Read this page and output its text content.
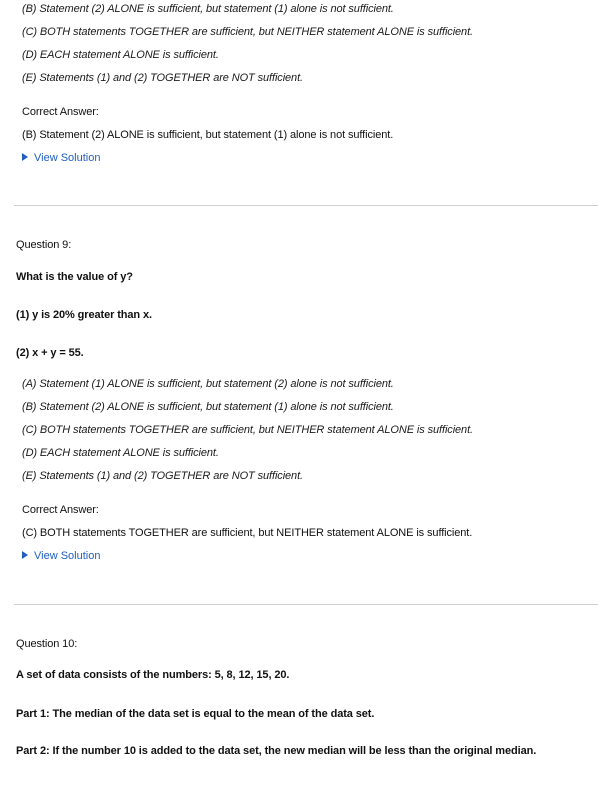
(B) Statement (2) ALONE is sufficient, but statement (1) alone is not sufficient.
(C) BOTH statements TOGETHER are sufficient, but NEITHER statement ALONE is sufficient.
(D) EACH statement ALONE is sufficient.
(E) Statements (1) and (2) TOGETHER are NOT sufficient.
Correct Answer:
(B) Statement (2) ALONE is sufficient, but statement (1) alone is not sufficient.
View Solution
Question 9:
What is the value of y?
(1) y is 20% greater than x.
(2) x + y = 55.
(A) Statement (1) ALONE is sufficient, but statement (2) alone is not sufficient.
(B) Statement (2) ALONE is sufficient, but statement (1) alone is not sufficient.
(C) BOTH statements TOGETHER are sufficient, but NEITHER statement ALONE is sufficient.
(D) EACH statement ALONE is sufficient.
(E) Statements (1) and (2) TOGETHER are NOT sufficient.
Correct Answer:
(C) BOTH statements TOGETHER are sufficient, but NEITHER statement ALONE is sufficient.
View Solution
Question 10:
A set of data consists of the numbers: 5, 8, 12, 15, 20.
Part 1: The median of the data set is equal to the mean of the data set.
Part 2: If the number 10 is added to the data set, the new median will be less than the original median.
